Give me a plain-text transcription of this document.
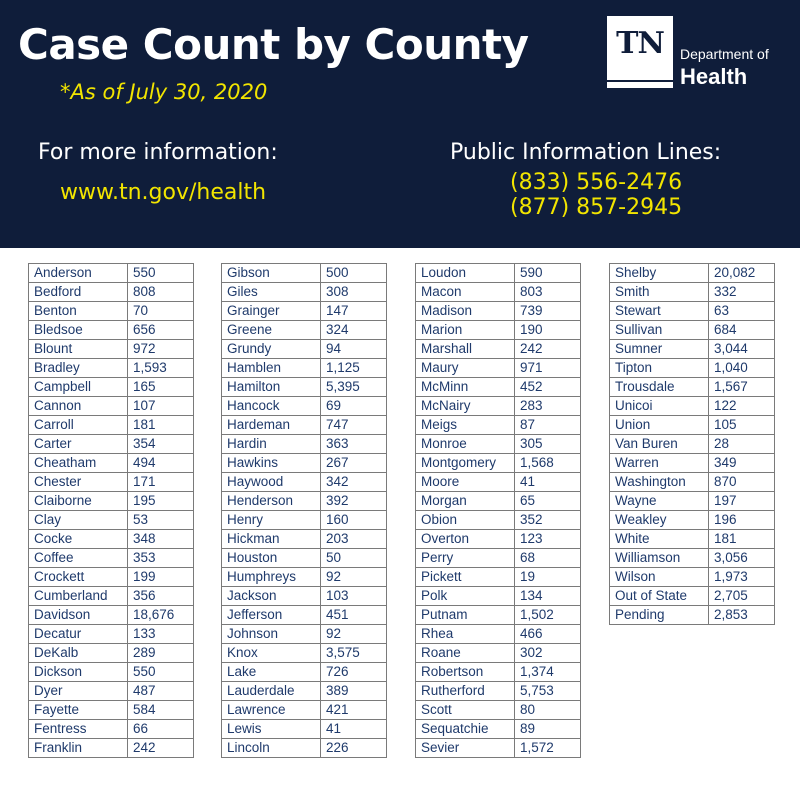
Case Count by County
*As of July 30, 2020
TN	Department of
Health
For more information:
www.tn.gov/health
Public Information Lines:
(833) 556-2476
(877) 857-2945
Anderson	550
Bedford	808
Benton	70
Bledsoe	656
Blount	972
Bradley	1,593
Campbell	165
Cannon	107
Carroll	181
Carter	354
Cheatham	494
Chester	171
Claiborne	195
Clay	53
Cocke	348
Coffee	353
Crockett	199
Cumberland	356
Davidson	18,676
Decatur	133
DeKalb	289
Dickson	550
Dyer	487
Fayette	584
Fentress	66
Franklin	242
Gibson	500
Giles	308
Grainger	147
Greene	324
Grundy	94
Hamblen	1,125
Hamilton	5,395
Hancock	69
Hardeman	747
Hardin	363
Hawkins	267
Haywood	342
Henderson	392
Henry	160
Hickman	203
Houston	50
Humphreys	92
Jackson	103
Jefferson	451
Johnson	92
Knox	3,575
Lake	726
Lauderdale	389
Lawrence	421
Lewis	41
Lincoln	226
Loudon	590
Macon	803
Madison	739
Marion	190
Marshall	242
Maury	971
McMinn	452
McNairy	283
Meigs	87
Monroe	305
Montgomery	1,568
Moore	41
Morgan	65
Obion	352
Overton	123
Perry	68
Pickett	19
Polk	134
Putnam	1,502
Rhea	466
Roane	302
Robertson	1,374
Rutherford	5,753
Scott	80
Sequatchie	89
Sevier	1,572
Shelby	20,082
Smith	332
Stewart	63
Sullivan	684
Sumner	3,044
Tipton	1,040
Trousdale	1,567
Unicoi	122
Union	105
Van Buren	28
Warren	349
Washington	870
Wayne	197
Weakley	196
White	181
Williamson	3,056
Wilson	1,973
Out of State	2,705
Pending	2,853
